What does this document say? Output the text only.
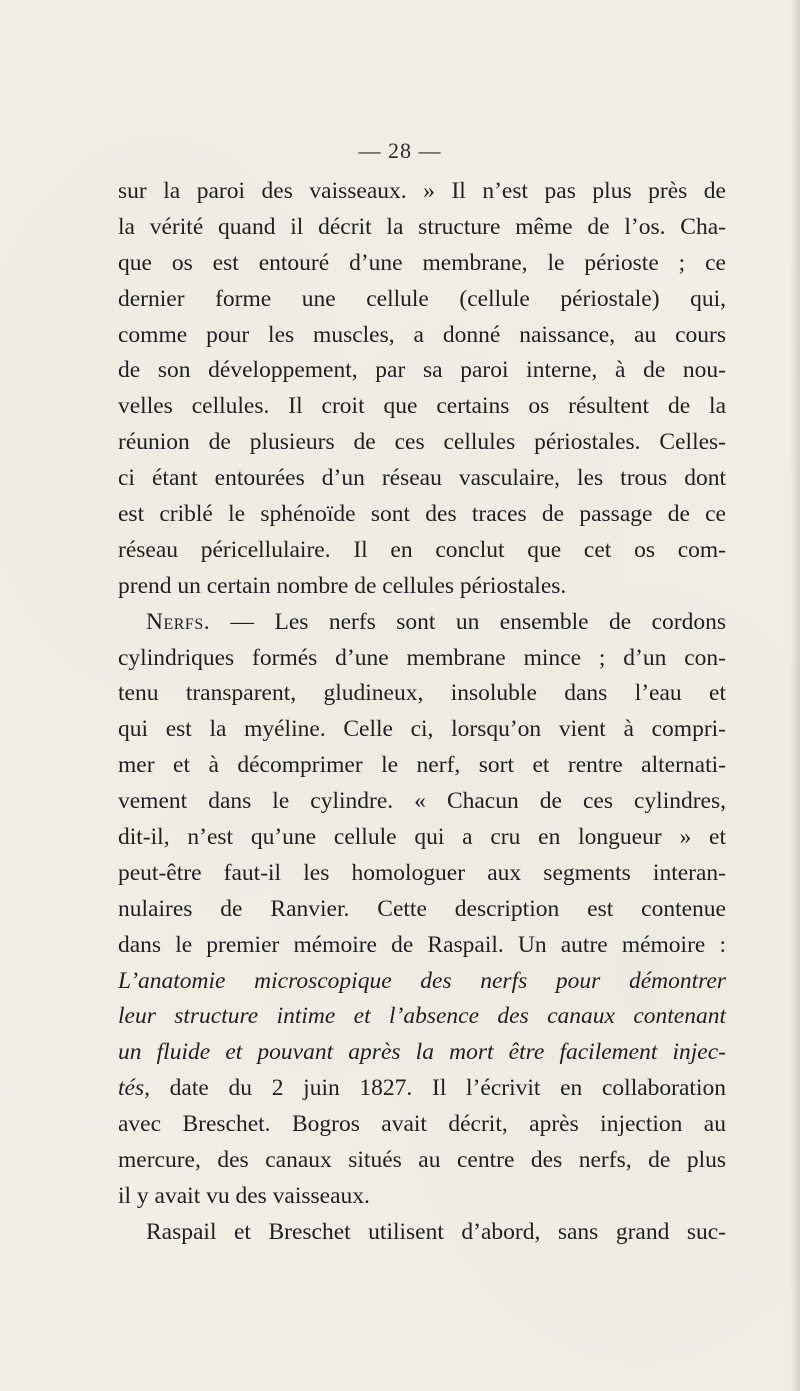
— 28 —
sur la paroi des vaisseaux. » Il n’est pas plus près de
la vérité quand il décrit la structure même de l’os. Cha-
que os est entouré d’une membrane, le périoste ; ce
dernier forme une cellule (cellule périostale) qui,
comme pour les muscles, a donné naissance, au cours
de son développement, par sa paroi interne, à de nou-
velles cellules. Il croit que certains os résultent de la
réunion de plusieurs de ces cellules périostales. Celles-
ci étant entourées d’un réseau vasculaire, les trous dont
est criblé le sphénoïde sont des traces de passage de ce
réseau péricellulaire. Il en conclut que cet os com-
prend un certain nombre de cellules périostales.
Nerfs. — Les nerfs sont un ensemble de cordons
cylindriques formés d’une membrane mince ; d’un con-
tenu transparent, gludineux, insoluble dans l’eau et
qui est la myéline. Celle ci, lorsqu’on vient à compri-
mer et à décomprimer le nerf, sort et rentre alternati-
vement dans le cylindre. « Chacun de ces cylindres,
dit-il, n’est qu’une cellule qui a cru en longueur » et
peut-être faut-il les homologuer aux segments interan-
nulaires de Ranvier. Cette description est contenue
dans le premier mémoire de Raspail. Un autre mémoire :
L’anatomie microscopique des nerfs pour démontrer
leur structure intime et l’absence des canaux contenant
un fluide et pouvant après la mort être facilement injec-
tés, date du 2 juin 1827. Il l’écrivit en collaboration
avec Breschet. Bogros avait décrit, après injection au
mercure, des canaux situés au centre des nerfs, de plus
il y avait vu des vaisseaux.
Raspail et Breschet utilisent d’abord, sans grand suc-
